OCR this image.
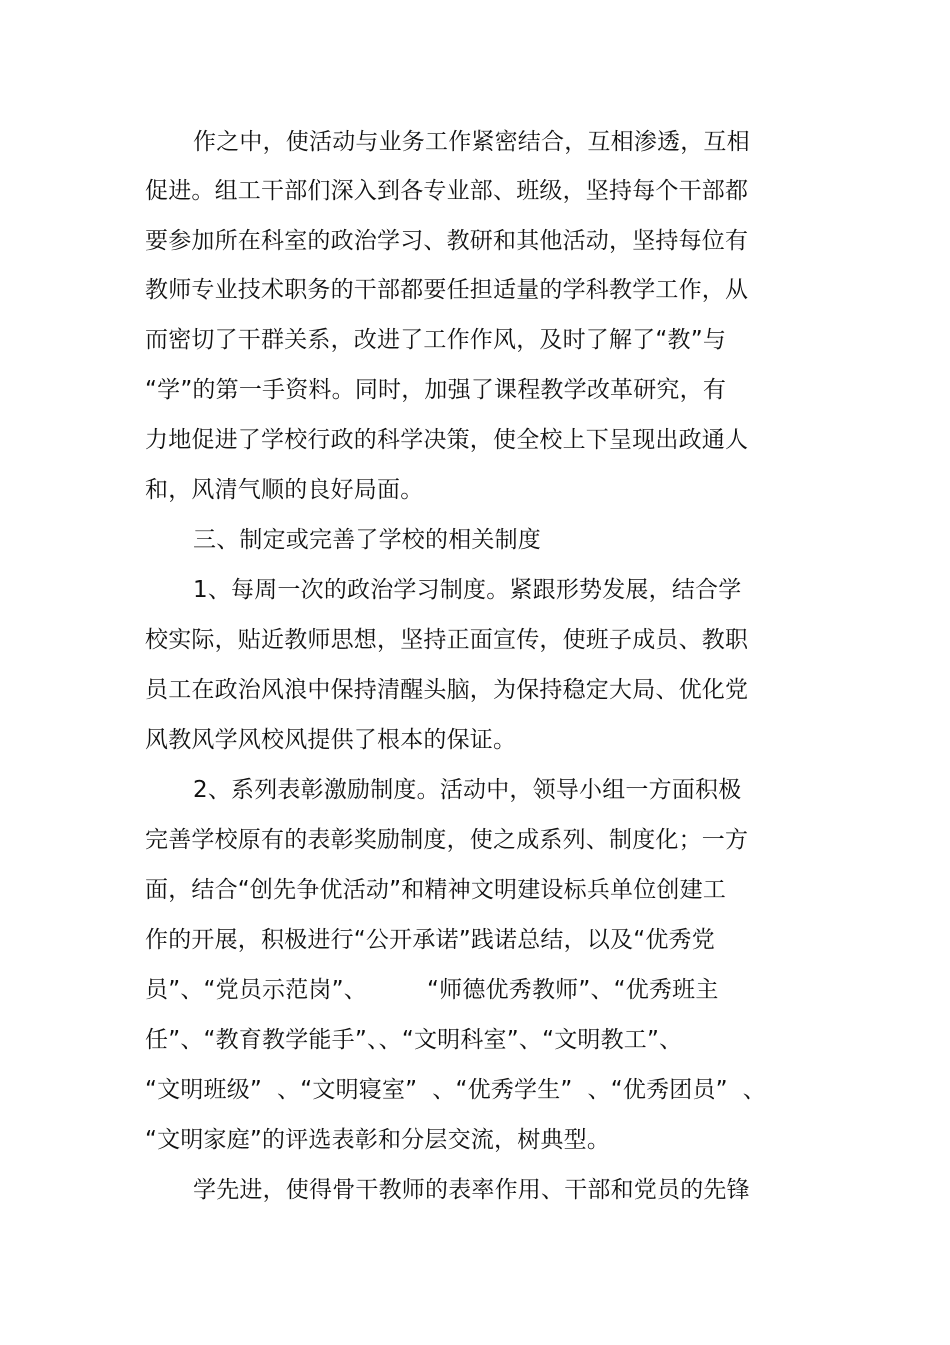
作之中，使活动与业务工作紧密结合，互相渗透，互相
促进。组工干部们深入到各专业部、班级，坚持每个干部都
要参加所在科室的政治学习、教研和其他活动，坚持每位有
教师专业技术职务的干部都要任担适量的学科教学工作，从
而密切了干群关系，改进了工作作风，及时了解了“教”与
“学”的第一手资料。同时，加强了课程教学改革研究，有
力地促进了学校行政的科学决策，使全校上下呈现出政通人
和，风清气顺的良好局面。
三、制定或完善了学校的相关制度
1、每周一次的政治学习制度。紧跟形势发展，结合学
校实际，贴近教师思想，坚持正面宣传，使班子成员、教职
员工在政治风浪中保持清醒头脑，为保持稳定大局、优化党
风教风学风校风提供了根本的保证。
2、系列表彰激励制度。活动中，领导小组一方面积极
完善学校原有的表彰奖励制度，使之成系列、制度化；一方
面，结合“创先争优活动”和精神文明建设标兵单位创建工
作的开展，积极进行“公开承诺”践诺总结，以及“优秀党
员”、“党员示范岗”、        “师德优秀教师”、“优秀班主
任”、“教育教学能手”、、“文明科室”、“文明教工”、
“文明班级”  、“文明寝室”  、“优秀学生”  、“优秀团员”  、
“文明家庭”的评选表彰和分层交流，树典型。
学先进，使得骨干教师的表率作用、干部和党员的先锋
